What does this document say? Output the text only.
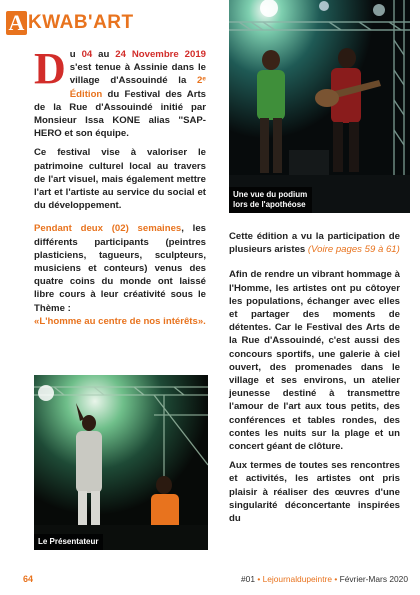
A KWAB'ART
Une vue du podium
lors de l'apothéose
Le Présentateur

Du 04 au 24 Novembre 2019 s'est tenue à Assinie dans le village d'Assouindé la 2ᵉ Édition du Festival des Arts de la Rue d'Assouindé initié par Monsieur Issa KONE alias ''SAP-HERO et son équipe.

Ce festival vise à valoriser le patrimoine culturel local au travers de l'art visuel, mais également mettre l'art et l'artiste au service du social et du développement.

Pendant deux (02) semaines, les différents participants (peintres plasticiens, tagueurs, sculpteurs, musiciens et conteurs) venus des quatre coins du monde ont laissé libre cours à leur créativité sous le Thème :
«L'homme au centre de nos intérêts».

Cette édition a vu la participation de plusieurs aristes (Voire pages 59 à 61)

Afin de rendre un vibrant hommage à l'Homme, les artistes ont pu côtoyer les populations, échanger avec elles et partager des moments de détentes. Car le Festival des Arts de la Rue d'Assouindé, c'est aussi des concours sportifs, une galerie à ciel ouvert, des promenades dans le village et ses environs, un atelier jeunesse destiné à transmettre l'amour de l'art aux tous petits, des conférences et tables rondes, des contes les nuits sur la plage et un concert géant de clôture.

Aux termes de toutes ses rencontres et activités, les artistes ont pris plaisir à réaliser des œuvres d'une singularité déconcertante inspirées du

64	#01 • Lejournaldupeintre • Février-Mars 2020
